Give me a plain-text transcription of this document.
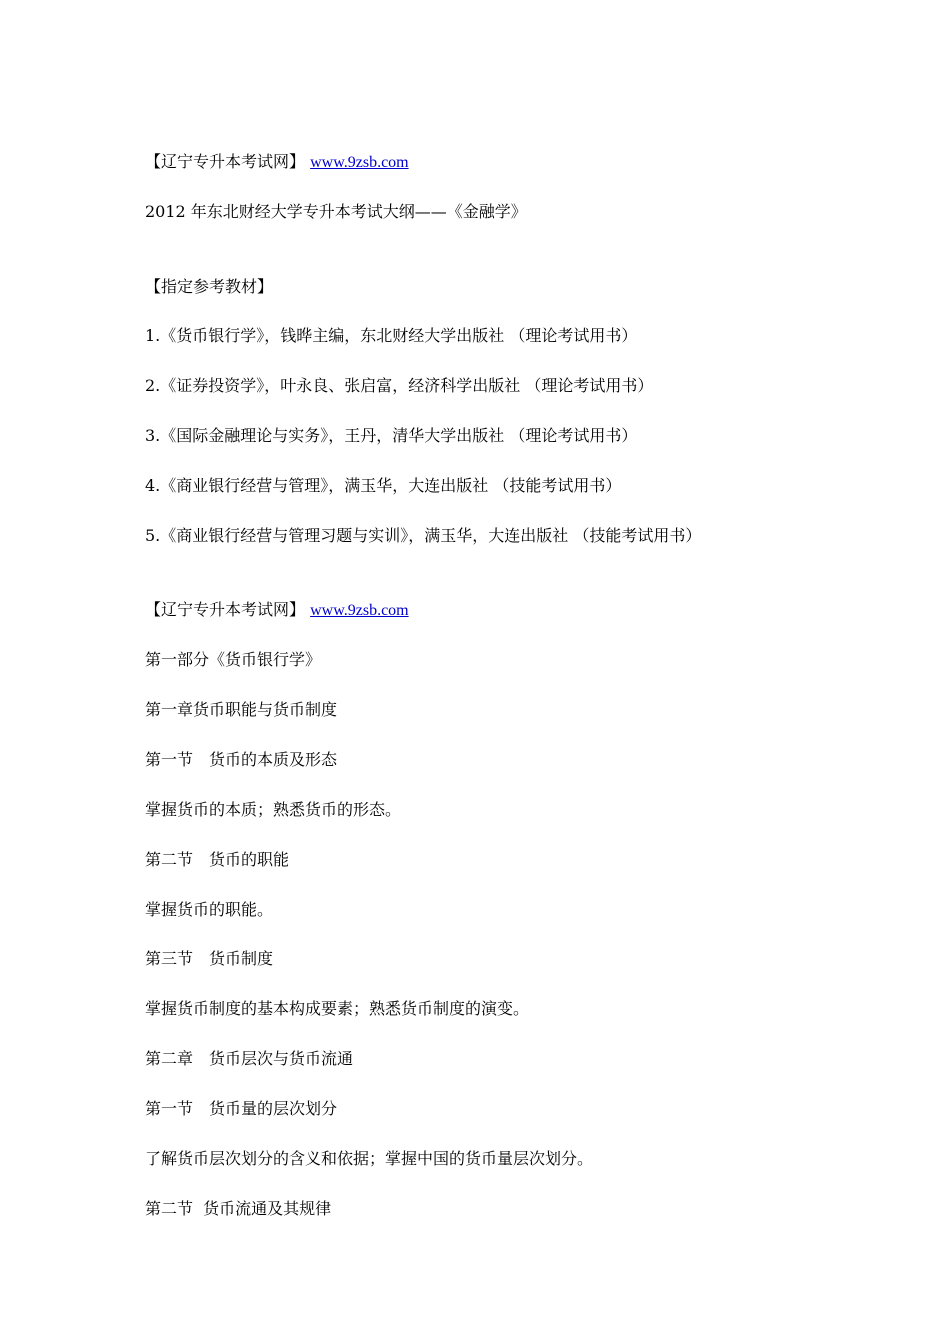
【辽宁专升本考试网】 www.9zsb.com

2012 年东北财经大学专升本考试大纲——《金融学》

【指定参考教材】

1.《货币银行学》，钱晔主编，东北财经大学出版社 （理论考试用书）

2.《证券投资学》，叶永良、张启富，经济科学出版社 （理论考试用书）

3.《国际金融理论与实务》，王丹，清华大学出版社 （理论考试用书）

4.《商业银行经营与管理》，满玉华，大连出版社 （技能考试用书）

5.《商业银行经营与管理习题与实训》，满玉华，大连出版社 （技能考试用书）

【辽宁专升本考试网】 www.9zsb.com

第一部分《货币银行学》

第一章货币职能与货币制度

第一节　货币的本质及形态

掌握货币的本质；熟悉货币的形态。

第二节　货币的职能

掌握货币的职能。

第三节　货币制度

掌握货币制度的基本构成要素；熟悉货币制度的演变。

第二章　货币层次与货币流通

第一节　货币量的层次划分

了解货币层次划分的含义和依据；掌握中国的货币量层次划分。

第二节  货币流通及其规律
